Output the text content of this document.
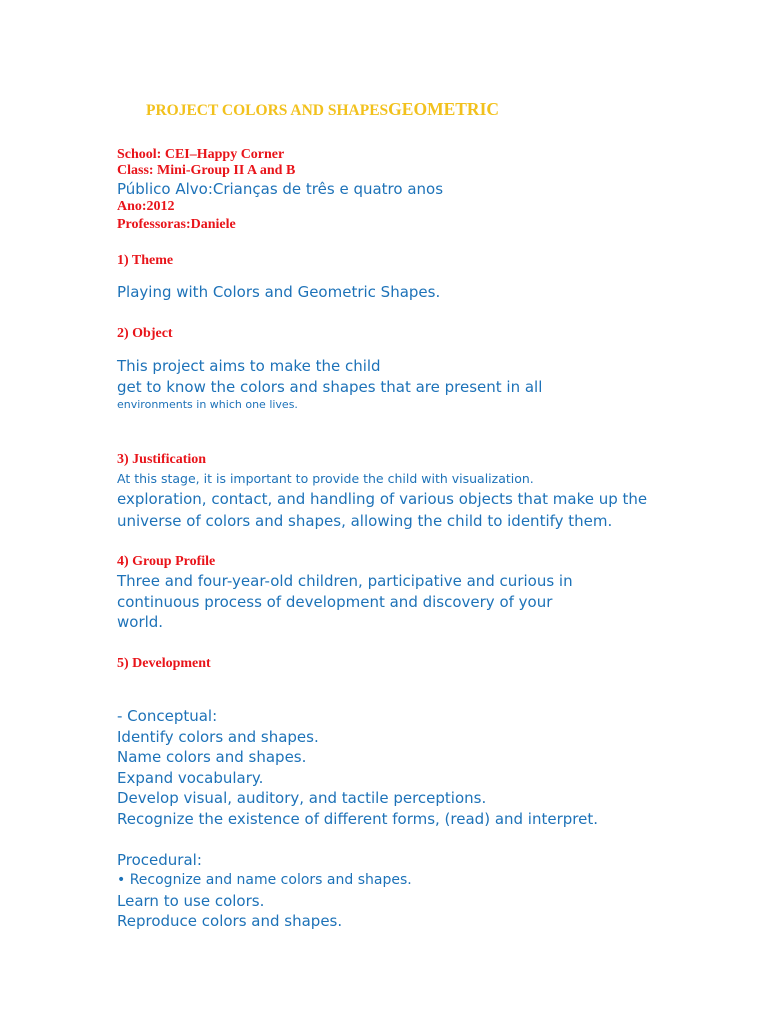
PROJECT COLORS AND SHAPESGEOMETRIC
School: CEI–Happy Corner
Class: Mini-Group II A and B
Público Alvo:Crianças de três e quatro anos
Ano:2012
Professoras:Daniele
1) Theme
Playing with Colors and Geometric Shapes.
2) Object
This project aims to make the child
get to know the colors and shapes that are present in all
environments in which one lives.
3) Justification
At this stage, it is important to provide the child with visualization.
exploration, contact, and handling of various objects that make up the
universe of colors and shapes, allowing the child to identify them.
4) Group Profile
Three and four-year-old children, participative and curious in
continuous process of development and discovery of your
world.
5) Development
- Conceptual:
Identify colors and shapes.
Name colors and shapes.
Expand vocabulary.
Develop visual, auditory, and tactile perceptions.
Recognize the existence of different forms, (read) and interpret.
Procedural:
• Recognize and name colors and shapes.
Learn to use colors.
Reproduce colors and shapes.
